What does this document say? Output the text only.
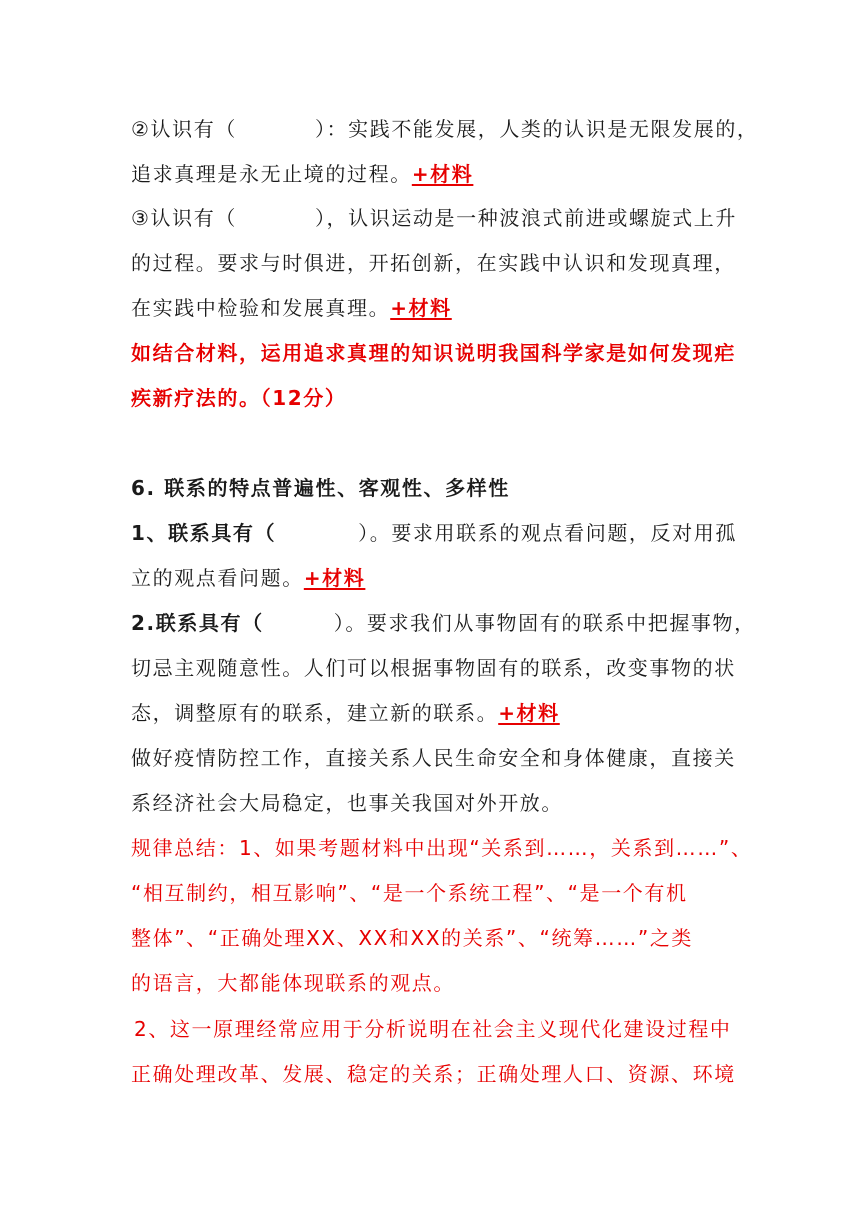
②认识有（	）：实践不能发展，人类的认识是无限发展的，
追求真理是永无止境的过程。+材料
③认识有（	），认识运动是一种波浪式前进或螺旋式上升
的过程。要求与时俱进，开拓创新，在实践中认识和发现真理，
在实践中检验和发展真理。+材料
如结合材料，运用追求真理的知识说明我国科学家是如何发现疟
疾新疗法的。（12分）
6. 联系的特点普遍性、客观性、多样性
1、联系具有（	）。要求用联系的观点看问题，反对用孤
立的观点看问题。+材料
2.联系具有（	）。要求我们从事物固有的联系中把握事物，
切忌主观随意性。人们可以根据事物固有的联系，改变事物的状
态，调整原有的联系，建立新的联系。+材料
做好疫情防控工作，直接关系人民生命安全和身体健康，直接关
系经济社会大局稳定，也事关我国对外开放。
规律总结：1、如果考题材料中出现“关系到……，关系到……”、
“相互制约，相互影响”、“是一个系统工程”、“是一个有机
整体”、“正确处理XX、XX和XX的关系”、“统筹……”之类
的语言，大都能体现联系的观点。
2、这一原理经常应用于分析说明在社会主义现代化建设过程中
正确处理改革、发展、稳定的关系；正确处理人口、资源、环境
